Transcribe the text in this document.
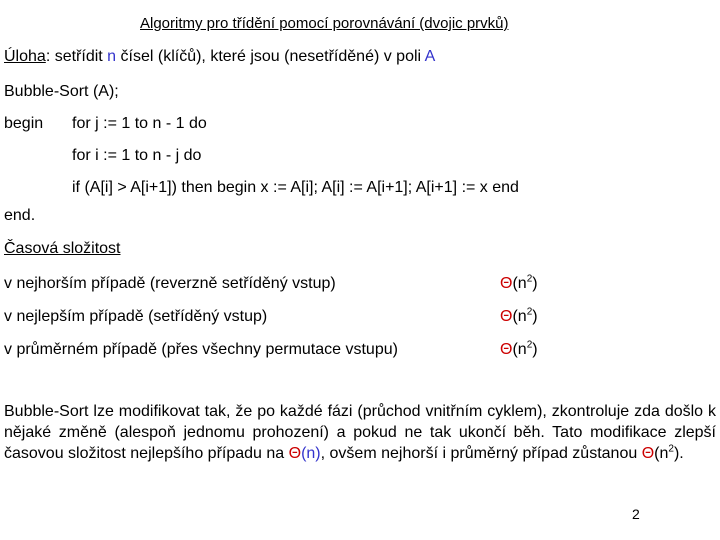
Algoritmy pro třídění pomocí porovnávání (dvojic prvků)
Úloha: setřídit n čísel (klíčů), které jsou (nesetříděné) v poli A
Bubble-Sort (A);
begin for j := 1 to n - 1 do
for i := 1 to n - j do
if (A[i] > A[i+1]) then begin x := A[i]; A[i] := A[i+1]; A[i+1] := x end
end.
Časová složitost
v nejhorším případě (reverzně setříděný vstup)	$\Theta(n^2)$
v nejlepším případě (setříděný vstup)	$\Theta(n^2)$
v průměrném případě (přes všechny permutace vstupu)	$\Theta(n^2)$
Bubble-Sort lze modifikovat tak, že po každé fázi (průchod vnitřním cyklem), zkontroluje zda došlo k nějaké změně (alespoň jednomu prohození) a pokud ne tak ukončí běh. Tato modifikace zlepší časovou složitost nejlepšího případu na Θ(n), ovšem nejhorší i průměrný případ zůstanou $\Theta(n^2)$.
2
